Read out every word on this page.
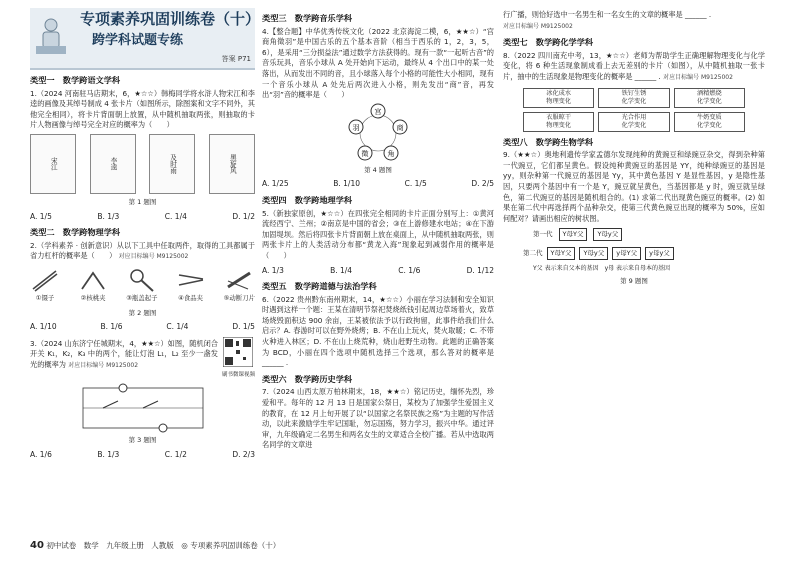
专项素养巩固训练卷（十）
跨学科试题专练
答案 P71
类型一　数学跨语文学科
1.（2024 河南驻马店期末，6，★☆☆）韩梅同学将水浒人物宋江和李逵的画像及其绰号制成 4 张卡片（如图所示，除图案和文字不同外，其他完全相同），将卡片背面朝上放置，从中随机抽取两张，则抽取的卡片人物画像与绰号完全对应的概率为（　　）
宋江	李逵	及时雨	黑旋风
第 1 题图
A. 1/5	B. 1/3	C. 1/4	D. 1/2
类型二　数学跨物理学科
2.（学科素养 · 创新意识）从以下工具中任取两件，取得的工具都属于省力杠杆的概率是（　　） 对应目标编号 M9125002
①镊子	②核桃夹	③瓶盖起子	④食品夹	⑤动断刀片
第 2 题图
A. 1/10	B. 1/6	C. 1/4	D. 1/5
3.（2024 山东济宁任城期末，4，★★☆）如图，随机闭合开关 K₁，K₂，K₃ 中的两个，能让灯泡 L₁，L₂ 至少一盏发光的概率为 对应目标编号 M9125002
刷书微课视频
第 3 题图
A. 1/6	B. 1/3	C. 1/2	D. 2/3
类型三　数学跨音乐学科
4.【整合题】中华优秀传统文化（2022 北京海淀二模，6，★★☆）“宫商角徵羽”是中国古乐的五个基本音阶（相当于西乐的 1，2，3，5，6），是采用“三分损益法”通过数学方法获得的。现有一款“一起听古音”的音乐玩具，音乐小球从 A 处开始向下运动，最终从 4 个出口中的某一处落出，从而发出不同的音，且小球落入每个小格的可能性大小相同，现有一个音乐小球从 A 处先后两次进入小格，则先发出“商”音，再发出“羽”音的概率是（　　）
宫
商
角
徵
羽
第 4 题图
A. 1/25	B. 1/10	C. 1/5	D. 2/5
类型四　数学跨地理学科
5.（新独家原创，★☆☆）在四张完全相同的卡片正面分别写上：①黄河流经西宁、兰州；②南京是中国的省会；③在上游修建水电站；④在下游加固堤坝。然后将四张卡片背面朝上放在桌面上，从中随机抽取两张，则两张卡片上的人类活动分布都“黄龙入海”现象起到减弱作用的概率是（　　）
A. 1/3	B. 1/4	C. 1/6	D. 1/12
类型五　数学跨道德与法治学科
6.（2022 贵州黔东南州期末，14，★☆☆）小丽在学习法制和安全知识时遇到这样一个题：王某在清明节祭祀焚烧纸钱引起周边草场着火，致草场烧毁面积达 900 余亩，王某被依法予以行政拘留，此事件给我们什么启示？A. 春游时可以在野外烧烤；B. 不在山上玩火，焚火取暖；C. 不带火种进入林区；D. 不在山上烧荒种，烧山赶野生动物。此题的正确答案为 BCD，小丽在四个选项中随机选择三个选项，那么答对的概率是 ______ .
类型六　数学跨历史学科
7.（2024 山西太原万柏林期末，18，★★☆）铭记历史，缅怀先烈，珍爱和平。每年的 12 月 13 日是国家公祭日，某校为了加强学生爱国主义的教育，在 12 月上旬开展了以“以国家之名祭民族之殇”为主题的写作活动，以此来激励学生牢记国耻，勿忘国殇，努力学习，振兴中华。通过评审，九年级确定二名男生和两名女生的文章适合全校广播。若从中选取两名同学的文章进
行广播，则恰好选中一名男生和一名女生的文章的概率是 ______ .
对应目标编号 M9125002
类型七　数学跨化学学科
8.（2022 四川南充中考，13，★☆☆）老师为帮助学生正确理解物理变化与化学变化，将 6 种生活现象制成看上去无差别的卡片（如图），从中随机抽取一张卡片，抽中的生活现象是物理变化的概率是 ______ . 对应目标编号 M9125002
冰化成水
物理变化
铁钉生锈
化学变化
酒精燃烧
化学变化
衣服晾干
物理变化
光合作用
化学变化
牛奶变质
化学变化
类型八　数学跨生物学科
9.（★★☆）奥地利遗传学家孟德尔发现纯种的黄豌豆和绿豌豆杂交，得到杂种第一代豌豆，它们都呈黄色。假设纯种黄豌豆的基因是 YY，纯种绿豌豆的基因是 yy，则杂种第一代豌豆的基因是 Yy，其中黄色基因 Y 是显性基因，y 是隐性基因，只要两个基因中有一个是 Y，豌豆就呈黄色，当基因都是 y 时，豌豆就呈绿色，第二代豌豆的基因是随机组合的。(1) 求第二代出现黄色豌豆的概率。(2) 如果在第二代中再选择两个品种杂交，使第三代黄色豌豆出现的概率为 50%，应如何配对？请画出相应的树状图。
第一代	Y母Y父	Y母y父
第二代	Y母Y父	Y母y父	y母Y父	y母y父
Y父 表示来自父本的基因　y母 表示来自母本的基因
第 9 题图
40 初中试卷　数学　九年级上册　人教版　◎ 专项素养巩固训练卷（十）
